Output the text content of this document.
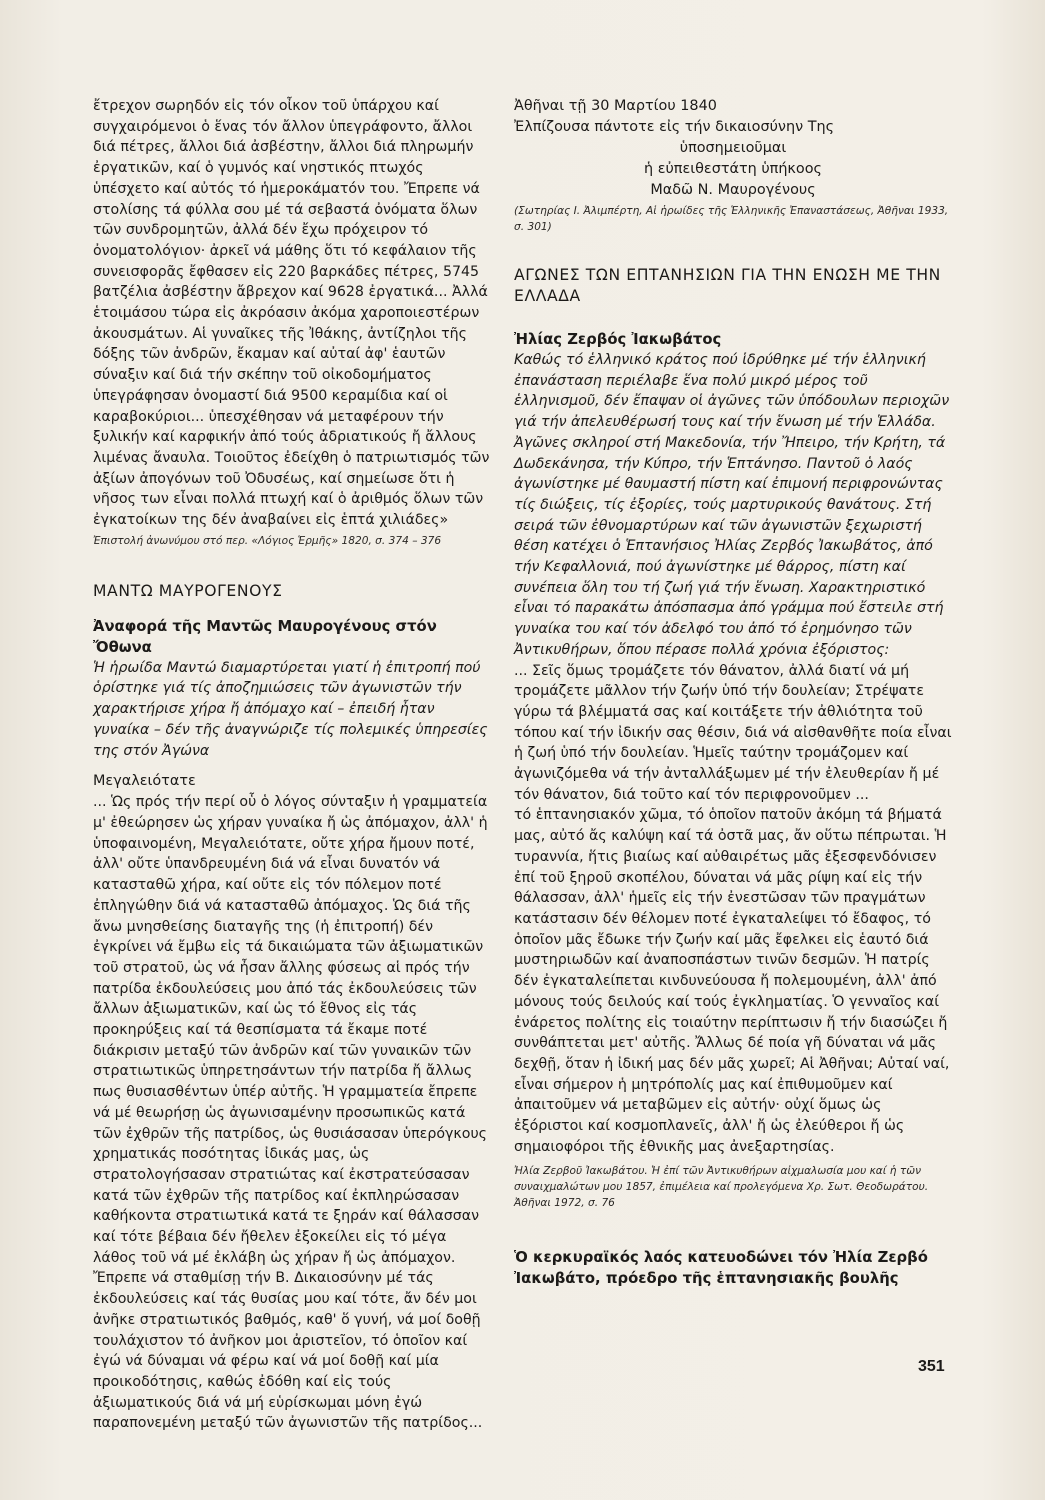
ἔτρεχον σωρηδόν εἰς τόν οἶκον τοῦ ὑπάρχου καί συγχαιρόμενοι ὁ ἕνας τόν ἄλλον ὑπεγράφοντο, ἄλλοι διά πέτρες, ἄλλοι διά ἀσβέστην, ἄλλοι διά πληρωμήν ἐργατικῶν, καί ὁ γυμνός καί νηστικός πτωχός ὑπέσχετο καί αὐτός τό ἡμεροκάματόν του. Ἔπρεπε νά στολίσης τά φύλλα σου μέ τά σεβαστά ὀνόματα ὅλων τῶν συνδρομητῶν, ἀλλά δέν ἔχω πρόχειρον τό ὀνοματολόγιον· ἀρκεῖ νά μάθης ὅτι τό κεφάλαιον τῆς συνεισφορᾶς ἔφθασεν εἰς 220 βαρκάδες πέτρες, 5745 βατζέλια ἀσβέστην ἄβρεχον καί 9628 ἐργατικά... Ἀλλά ἑτοιμάσου τώρα εἰς ἀκρόασιν ἀκόμα χαροποιεστέρων ἀκουσμάτων. Αἱ γυναῖκες τῆς Ἰθάκης, ἀντίζηλοι τῆς δόξης τῶν ἀνδρῶν, ἔκαμαν καί αὐταί ἀφ' ἑαυτῶν σύναξιν καί διά τήν σκέπην τοῦ οἰκοδομήματος ὑπεγράφησαν ὀνομαστί διά 9500 κεραμίδια καί οἱ καραβοκύριοι... ὑπεσχέθησαν νά μεταφέρουν τήν ξυλικήν καί καρφικήν ἀπό τούς ἀδριατικούς ἤ ἄλλους λιμένας ἄναυλα. Τοιοῦτος ἐδείχθη ὁ πατριωτισμός τῶν ἀξίων ἀπογόνων τοῦ Ὀδυσέως, καί σημείωσε ὅτι ἡ νῆσος των εἶναι πολλά πτωχή καί ὁ ἀριθμός ὅλων τῶν ἐγκατοίκων της δέν ἀναβαίνει εἰς ἑπτά χιλιάδες»

Ἐπιστολή ἀνωνύμου στό περ. «Λόγιος Ἑρμῆς» 1820, σ. 374 – 376

ΜΑΝΤΩ ΜΑΥΡΟΓΕΝΟΥΣ
Ἀναφορά τῆς Μαντῶς Μαυρογένους στόν Ὄθωνα

Ἡ ἡρωίδα Μαντώ διαμαρτύρεται γιατί ἡ ἐπιτροπή πού ὁρίστηκε γιά τίς ἀποζημιώσεις τῶν ἀγωνιστῶν τήν χαρακτήρισε χήρα ἤ ἀπόμαχο καί – ἐπειδή ἦταν γυναίκα – δέν τῆς ἀναγνώριζε τίς πολεμικές ὑπηρεσίες της στόν Ἀγώνα

Μεγαλειότατε

... Ὡς πρός τήν περί οὗ ὁ λόγος σύνταξιν ἡ γραμματεία μ' ἐθεώρησεν ὡς χήραν γυναίκα ἤ ὡς ἀπόμαχον, ἀλλ' ἡ ὑποφαινομένη, Μεγαλειότατε, οὔτε χήρα ἤμουν ποτέ, ἀλλ' οὔτε ὑπανδρευμένη διά νά εἶναι δυνατόν νά κατασταθῶ χήρα, καί οὔτε εἰς τόν πόλεμον ποτέ ἐπληγώθην διά νά κατασταθῶ ἀπόμαχος. Ὡς διά τῆς ἄνω μνησθείσης διαταγῆς της (ἡ ἐπιτροπή) δέν ἐγκρίνει νά ἔμβω εἰς τά δικαιώματα τῶν ἀξιωματικῶν τοῦ στρατοῦ, ὡς νά ἦσαν ἄλλης φύσεως αἱ πρός τήν πατρίδα ἐκδουλεύσεις μου ἀπό τάς ἐκδουλεύσεις τῶν ἄλλων ἀξιωματικῶν, καί ὡς τό ἔθνος εἰς τάς προκηρύξεις καί τά θεσπίσματα τά ἔκαμε ποτέ διάκρισιν μεταξύ τῶν ἀνδρῶν καί τῶν γυναικῶν τῶν στρατιωτικῶς ὑπηρετησάντων τήν πατρίδα ἤ ἄλλως πως θυσιασθέντων ὑπέρ αὐτῆς. Ἡ γραμματεία ἔπρεπε νά μέ θεωρήσῃ ὡς ἀγωνισαμένην προσωπικῶς κατά τῶν ἐχθρῶν τῆς πατρίδος, ὡς θυσιάσασαν ὑπερόγκους χρηματικάς ποσότητας ἰδικάς μας, ὡς στρατολογήσασαν στρατιώτας καί ἐκστρατεύσασαν κατά τῶν ἐχθρῶν τῆς πατρίδος καί ἐκπληρώσασαν καθήκοντα στρατιωτικά κατά τε ξηράν καί θάλασσαν καί τότε βέβαια δέν ἤθελεν ἐξοκείλει εἰς τό μέγα λάθος τοῦ νά μέ ἐκλάβη ὡς χήραν ἤ ὡς ἀπόμαχον. Ἔπρεπε νά σταθμίσῃ τήν Β. Δικαιοσύνην μέ τάς ἐκδουλεύσεις καί τάς θυσίας μου καί τότε, ἄν δέν μοι ἀνῆκε στρατιωτικός βαθμός, καθ' ὅ γυνή, νά μοί δοθῇ τουλάχιστον τό ἀνῆκον μοι ἀριστεῖον, τό ὁποῖον καί ἐγώ νά δύναμαι νά φέρω καί νά μοί δοθῇ καί μία προικοδότησις, καθώς ἐδόθη καί εἰς τούς ἀξιωματικούς διά νά μή εὑρίσκωμαι μόνη ἐγώ παραπονεμένη μεταξύ τῶν ἀγωνιστῶν τῆς πατρίδος...

Ἀθῆναι τῇ 30 Μαρτίου 1840

Ἐλπίζουσα πάντοτε εἰς τήν δικαιοσύνην Της

ὑποσημειοῦμαι

ἡ εὐπειθεστάτη ὑπήκοος

Μαδῶ Ν. Μαυρογένους

(Σωτηρίας Ι. Ἀλιμπέρτη, Αἱ ἡρωίδες τῆς Ἑλληνικῆς Ἐπαναστάσεως, Ἀθῆναι 1933, σ. 301)

ΑΓΩΝΕΣ ΤΩΝ ΕΠΤΑΝΗΣΙΩΝ ΓΙΑ ΤΗΝ ΕΝΩΣΗ ΜΕ ΤΗΝ ΕΛΛΑΔΑ
Ἠλίας Ζερβός Ἰακωβάτος

Καθώς τό ἑλληνικό κράτος πού ἱδρύθηκε μέ τήν ἑλληνική ἐπανάσταση περιέλαβε ἕνα πολύ μικρό μέρος τοῦ ἑλληνισμοῦ, δέν ἔπαψαν οἱ ἀγῶνες τῶν ὑπόδουλων περιοχῶν γιά τήν ἀπελευθέρωσή τους καί τήν ἕνωση μέ τήν Ἑλλάδα. Ἀγῶνες σκληροί στή Μακεδονία, τήν Ἤπειρο, τήν Κρήτη, τά Δωδεκάνησα, τήν Κύπρο, τήν Ἑπτάνησο. Παντοῦ ὁ λαός ἀγωνίστηκε μέ θαυμαστή πίστη καί ἐπιμονή περιφρονώντας τίς διώξεις, τίς ἐξορίες, τούς μαρτυρικούς θανάτους. Στή σειρά τῶν ἐθνομαρτύρων καί τῶν ἀγωνιστῶν ξεχωριστή θέση κατέχει ὁ Ἑπτανήσιος Ἠλίας Ζερβός Ἰακωβάτος, ἀπό τήν Κεφαλλονιά, πού ἀγωνίστηκε μέ θάρρος, πίστη καί συνέπεια ὅλη του τή ζωή γιά τήν ἕνωση. Χαρακτηριστικό εἶναι τό παρακάτω ἀπόσπασμα ἀπό γράμμα πού ἔστειλε στή γυναίκα του καί τόν ἀδελφό του ἀπό τό ἐρημόνησο τῶν Ἀντικυθήρων, ὅπου πέρασε πολλά χρόνια ἐξόριστος:

... Σεῖς ὅμως τρομάζετε τόν θάνατον, ἀλλά διατί νά μή τρομάζετε μᾶλλον τήν ζωήν ὑπό τήν δουλείαν; Στρέψατε γύρω τά βλέμματά σας καί κοιτάξετε τήν ἀθλιότητα τοῦ τόπου καί τήν ἰδικήν σας θέσιν, διά νά αἰσθανθῆτε ποία εἶναι ἡ ζωή ὑπό τήν δουλείαν. Ἡμεῖς ταύτην τρομάζομεν καί ἀγωνιζόμεθα νά τήν ἀνταλλάξωμεν μέ τήν ἐλευθερίαν ἤ μέ τόν θάνατον, διά τοῦτο καί τόν περιφρονοῦμεν ...

τό ἑπτανησιακόν χῶμα, τό ὁποῖον πατοῦν ἀκόμη τά βήματά μας, αὐτό ἄς καλύψη καί τά ὀστᾶ μας, ἄν οὕτω πέπρωται. Ἡ τυραννία, ἥτις βιαίως καί αὐθαιρέτως μᾶς ἐξεσφενδόνισεν ἐπί τοῦ ξηροῦ σκοπέλου, δύναται νά μᾶς ρίψη καί εἰς τήν θάλασσαν, ἀλλ' ἡμεῖς εἰς τήν ἐνεστῶσαν τῶν πραγμάτων κατάστασιν δέν θέλομεν ποτέ ἐγκαταλείψει τό ἔδαφος, τό ὁποῖον μᾶς ἔδωκε τήν ζωήν καί μᾶς ἔφελκει εἰς ἑαυτό διά μυστηριωδῶν καί ἀναποσπάστων τινῶν δεσμῶν. Ἡ πατρίς δέν ἐγκαταλείπεται κινδυνεύουσα ἤ πολεμουμένη, ἀλλ' ἀπό μόνους τούς δειλούς καί τούς ἐγκληματίας. Ὁ γενναῖος καί ἐνάρετος πολίτης εἰς τοιαύτην περίπτωσιν ἤ τήν διασώζει ἤ συνθάπτεται μετ' αὐτῆς. Ἄλλως δέ ποία γῆ δύναται νά μᾶς δεχθῇ, ὅταν ἡ ἰδική μας δέν μᾶς χωρεῖ; Αἱ Ἀθῆναι; Αὐταί ναί, εἶναι σήμερον ἡ μητρόπολίς μας καί ἐπιθυμοῦμεν καί ἀπαιτοῦμεν νά μεταβῶμεν εἰς αὐτήν· οὐχί ὅμως ὡς ἐξόριστοι καί κοσμοπλανεῖς, ἀλλ' ἤ ὡς ἐλεύθεροι ἤ ὡς σημαιοφόροι τῆς ἐθνικῆς μας ἀνεξαρτησίας.

Ἠλία Ζερβοῦ Ἰακωβάτου. Ἡ ἐπί τῶν Ἀντικυθήρων αἰχμαλωσία μου καί ἡ τῶν συναιχμαλώτων μου 1857, ἐπιμέλεια καί προλεγόμενα Χρ. Σωτ. Θεοδωράτου. Ἀθῆναι 1972, σ. 76

Ὁ κερκυραϊκός λαός κατευοδώνει τόν Ἠλία Ζερβό Ἰακωβάτο, πρόεδρο τῆς ἑπτανησιακῆς βουλῆς

351
